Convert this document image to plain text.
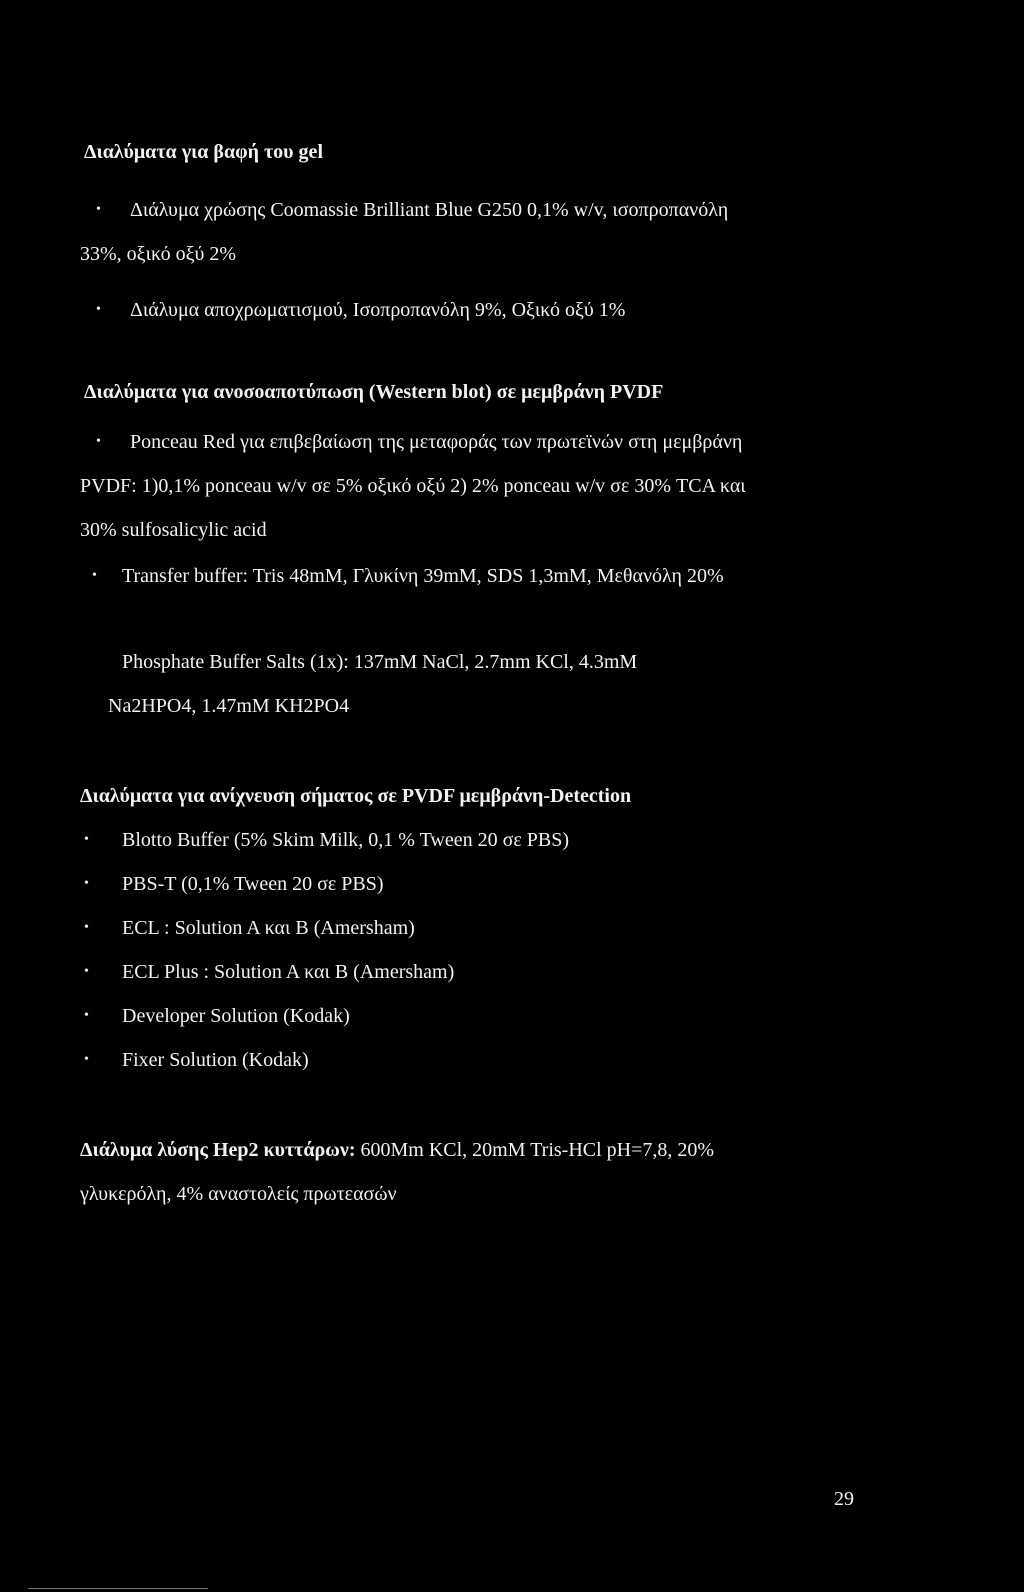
Διαλύματα για βαφή του gel
• Διάλυμα χρώσης Coomassie Brilliant Blue G250 0,1% w/v, ισοπροπανόλη
33%, οξικό οξύ 2%
• Διάλυμα αποχρωματισμού, Ισοπροπανόλη 9%, Οξικό οξύ 1%
Διαλύματα για ανοσοαποτύπωση (Western blot) σε μεμβράνη PVDF
• Ponceau Red για επιβεβαίωση της μεταφοράς των πρωτεϊνών στη μεμβράνη
PVDF: 1)0,1% ponceau w/v σε 5% οξικό οξύ 2) 2% ponceau w/v σε 30% TCA και
30% sulfosalicylic acid
• Transfer buffer: Tris 48mM, Γλυκίνη 39mM, SDS 1,3mM, Μεθανόλη 20%
Phosphate Buffer Salts (1x): 137mM NaCl, 2.7mm KCl, 4.3mM
Na2HPO4, 1.47mM KH2PO4
Διαλύματα για ανίχνευση σήματος σε PVDF μεμβράνη-Detection
• Blotto Buffer (5% Skim Milk, 0,1 % Tween 20 σε PBS)
• PBS-T (0,1% Tween 20 σε PBS)
• ECL : Solution A και B (Amersham)
• ECL Plus : Solution A και B (Amersham)
• Developer Solution (Kodak)
• Fixer Solution (Kodak)
Διάλυμα λύσης Hep2 κυττάρων: 600Mm KCl, 20mM Tris-HCl pH=7,8, 20%
γλυκερόλη, 4% αναστολείς πρωτεασών
29
